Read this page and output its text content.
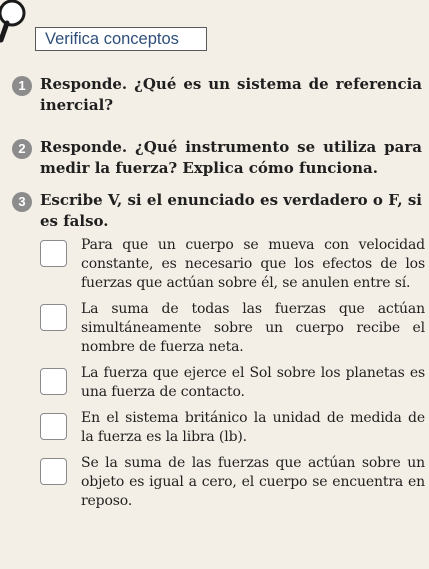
Verifica conceptos
1 Responde. ¿Qué es un sistema de referencia inercial?
2 Responde. ¿Qué instrumento se utiliza para medir la fuerza? Explica cómo funciona.
3 Escribe V, si el enunciado es verdadero o F, si es falso.
Para que un cuerpo se mueva con velocidad constante, es necesario que los efectos de los fuerzas que actúan sobre él, se anulen entre sí.
La suma de todas las fuerzas que actúan simultáneamente sobre un cuerpo recibe el nombre de fuerza neta.
La fuerza que ejerce el Sol sobre los planetas es una fuerza de contacto.
En el sistema británico la unidad de medida de la fuerza es la libra (lb).
Se la suma de las fuerzas que actúan sobre un objeto es igual a cero, el cuerpo se encuentra en reposo.
